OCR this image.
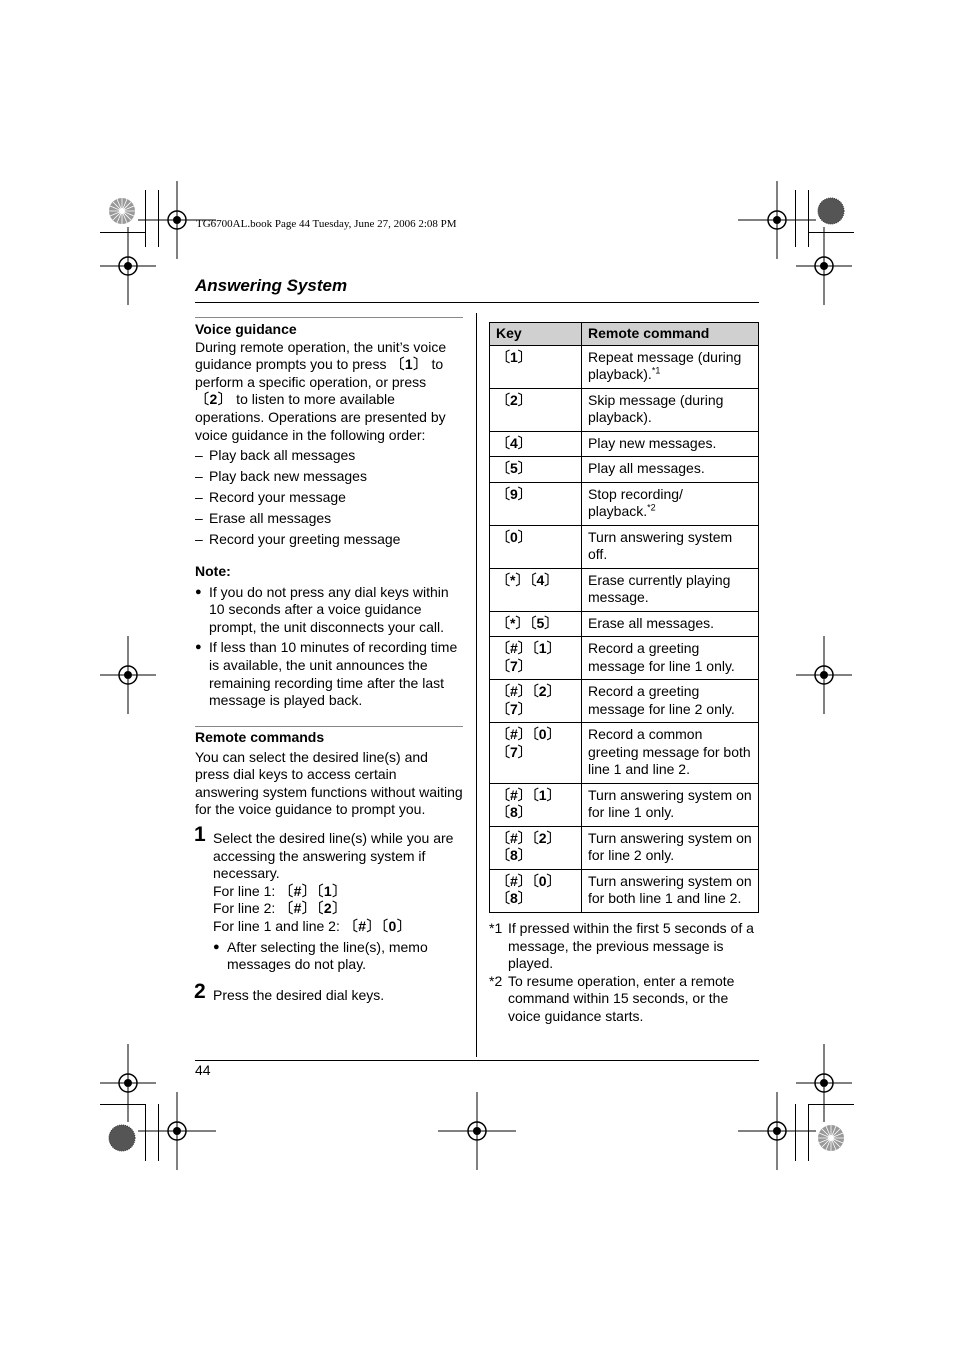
TG6700AL.book Page 44 Tuesday, June 27, 2006 2:08 PM
Answering System
Voice guidance

During remote operation, the unit’s voice guidance prompts you to press 〔1〕 to perform a specific operation, or press 〔2〕 to listen to more available operations. Operations are presented by voice guidance in the following order:

– Play back all messages
– Play back new messages
– Record your message
– Erase all messages
– Record your greeting message
Note:
● If you do not press any dial keys within 10 seconds after a voice guidance prompt, the unit disconnects your call.
● If less than 10 minutes of recording time is available, the unit announces the remaining recording time after the last message is played back.
Remote commands

You can select the desired line(s) and press dial keys to access certain answering system functions without waiting for the voice guidance to prompt you.

1 Select the desired line(s) while you are accessing the answering system if necessary.
For line 1: 〔#〕〔1〕
For line 2: 〔#〕〔2〕
For line 1 and line 2: 〔#〕〔0〕
● After selecting the line(s), memo messages do not play.
2 Press the desired dial keys.
Key	Remote command
〔1〕	Repeat message (during playback).$^{*1}$
〔2〕	Skip message (during playback).
〔4〕	Play new messages.
〔5〕	Play all messages.
〔9〕	Stop recording/ playback.$^{*2}$
〔0〕	Turn answering system off.
〔*〕〔4〕	Erase currently playing message.
〔*〕〔5〕	Erase all messages.
〔#〕〔1〕〔7〕	Record a greeting message for line 1 only.
〔#〕〔2〕〔7〕	Record a greeting message for line 2 only.
〔#〕〔0〕〔7〕	Record a common greeting message for both line 1 and line 2.
〔#〕〔1〕〔8〕	Turn answering system on for line 1 only.
〔#〕〔2〕〔8〕	Turn answering system on for line 2 only.
〔#〕〔0〕〔8〕	Turn answering system on for both line 1 and line 2.
*1 If pressed within the first 5 seconds of a message, the previous message is played.
*2 To resume operation, enter a remote command within 15 seconds, or the voice guidance starts.
44
